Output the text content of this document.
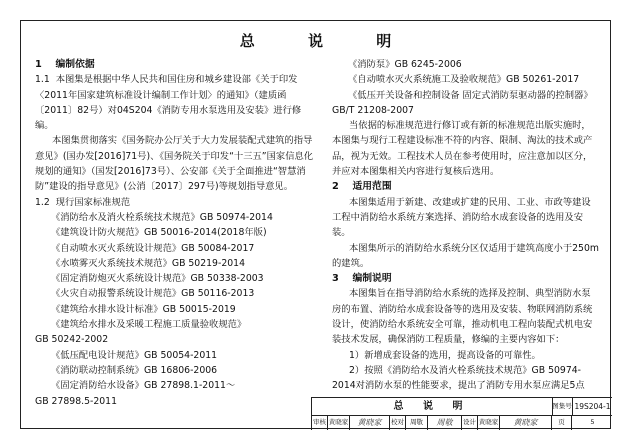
总 说 明

1    编制依据

1.1  本图集是根据中华人民共和国住房和城乡建设部《关于印发〈2011年国家建筑标准设计编制工作计划〉的通知》（建质函〔2011〕82号）对04S204《消防专用水泵选用及安装》进行修编。

本图集贯彻落实《国务院办公厅关于大力发展装配式建筑的指导意见》(国办发[2016]71号)、《国务院关于印发“十三五”国家信息化规划的通知》（国发[2016]73号）、公安部《关于全面推进“智慧消防”建设的指导意见》(公消〔2017〕297号)等规划指导意见。

1.2  现行国家标准规范

《消防给水及消火栓系统技术规范》GB 50974-2014

《建筑设计防火规范》GB 50016-2014(2018年版)

《自动喷水灭火系统设计规范》GB 50084-2017

《水喷雾灭火系统技术规范》GB 50219-2014

《固定消防炮灭火系统设计规范》GB 50338-2003

《火灾自动报警系统设计规范》GB 50116-2013

《建筑给水排水设计标准》GB 50015-2019

《建筑给水排水及采暖工程施工质量验收规范》

GB 50242-2002

《低压配电设计规范》GB 50054-2011

《消防联动控制系统》GB 16806-2006

《固定消防给水设备》GB 27898.1-2011～

GB 27898.5-2011

《消防泵》GB 6245-2006

《自动喷水灭火系统施工及验收规范》GB 50261-2017

《低压开关设备和控制设备 固定式消防泵驱动器的控制器》

GB/T 21208-2007

当依据的标准规范进行修订或有新的标准规范出版实施时，本图集与现行工程建设标准不符的内容、限制、淘汰的技术或产品，视为无效。工程技术人员在参考使用时，应注意加以区分，并应对本图集相关内容进行复核后选用。

2    适用范围

本图集适用于新建、改建或扩建的民用、工业、市政等建设工程中消防给水系统方案选择、消防给水成套设备的选用及安装。

本图集所示的消防给水系统分区仅适用于建筑高度小于250m的建筑。

3    编制说明

本图集旨在指导消防给水系统的选择及控制、典型消防水泵房的布置、消防给水成套设备等的选用及安装、物联网消防系统设计，使消防给水系统安全可靠，推动机电工程向装配式机电安装技术发展，确保消防工程质量，修编的主要内容如下：

1）新增成套设备的选用，提高设备的可靠性。

2）按照《消防给水及消火栓系统技术规范》GB 50974-2014对消防水泵的性能要求，提出了消防专用水泵应满足5点

总 说 明	图集号 19S204-1
审核 黄晓家	黄晓家	校对 周敬	周敬	设计 黄晓家	黄晓家	页	5
